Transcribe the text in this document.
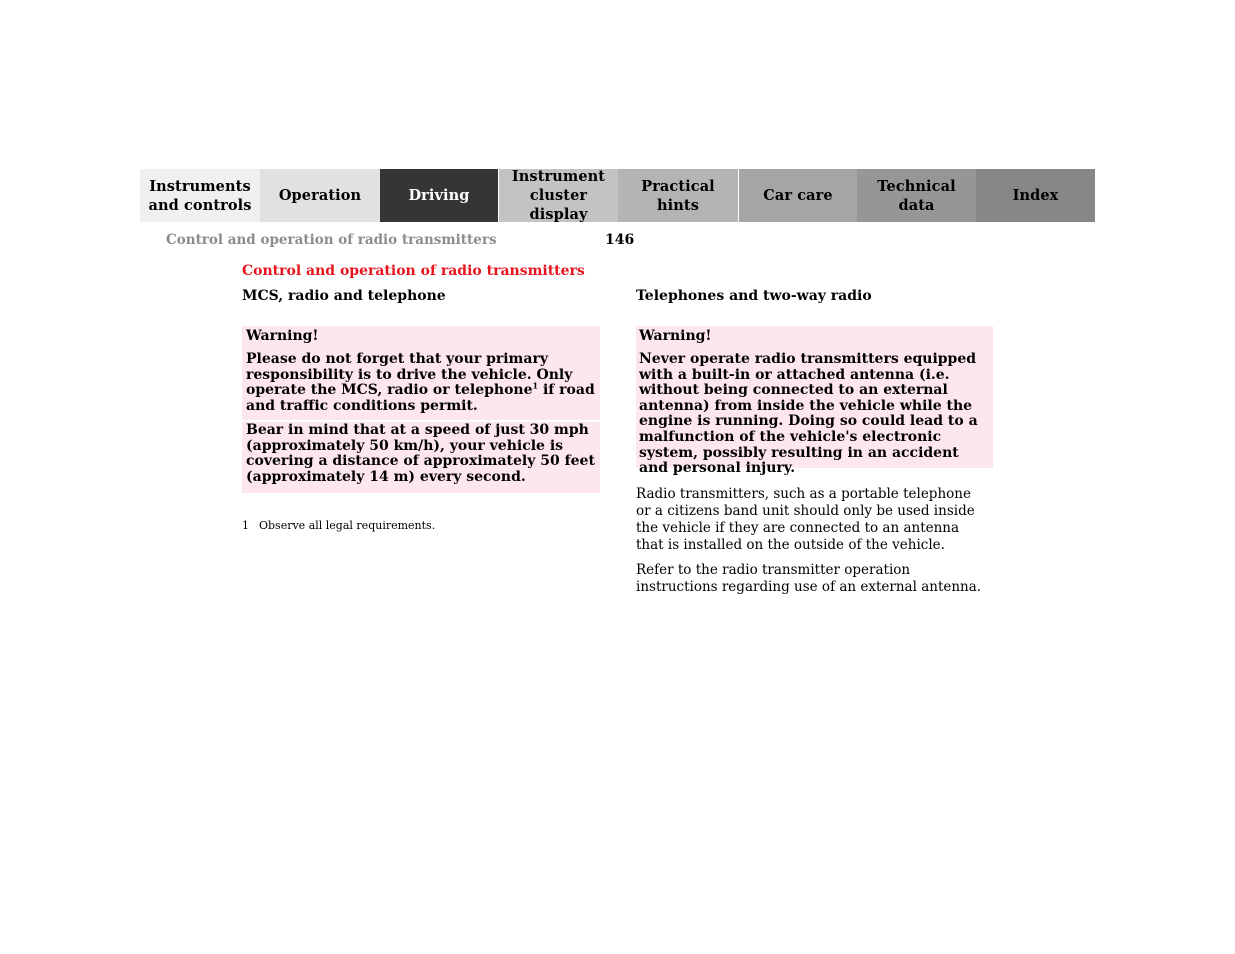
Instruments
and controls
Operation	Driving
Instrument
cluster display
Practical hints
Car care
Technical
data
Index
Control and operation of radio transmitters	146
Control and operation of radio transmitters
MCS, radio and telephone
Warning!

Please do not forget that your primary responsibility is to drive the vehicle. Only operate the MCS, radio or telephone$^1$ if road and traffic conditions permit.

Bear in mind that at a speed of just 30 mph (approximately 50 km/h), your vehicle is covering a distance of approximately 50 feet (approximately 14 m) every second.

1 Observe all legal requirements.
Telephones and two-way radio
Warning!

Never operate radio transmitters equipped with a built-in or attached antenna (i.e. without being connected to an external antenna) from inside the vehicle while the engine is running. Doing so could lead to a malfunction of the vehicle's electronic system, possibly resulting in an accident and personal injury.

Radio transmitters, such as a portable telephone or a citizens band unit should only be used inside the vehicle if they are connected to an antenna that is installed on the outside of the vehicle.

Refer to the radio transmitter operation instructions regarding use of an external antenna.
